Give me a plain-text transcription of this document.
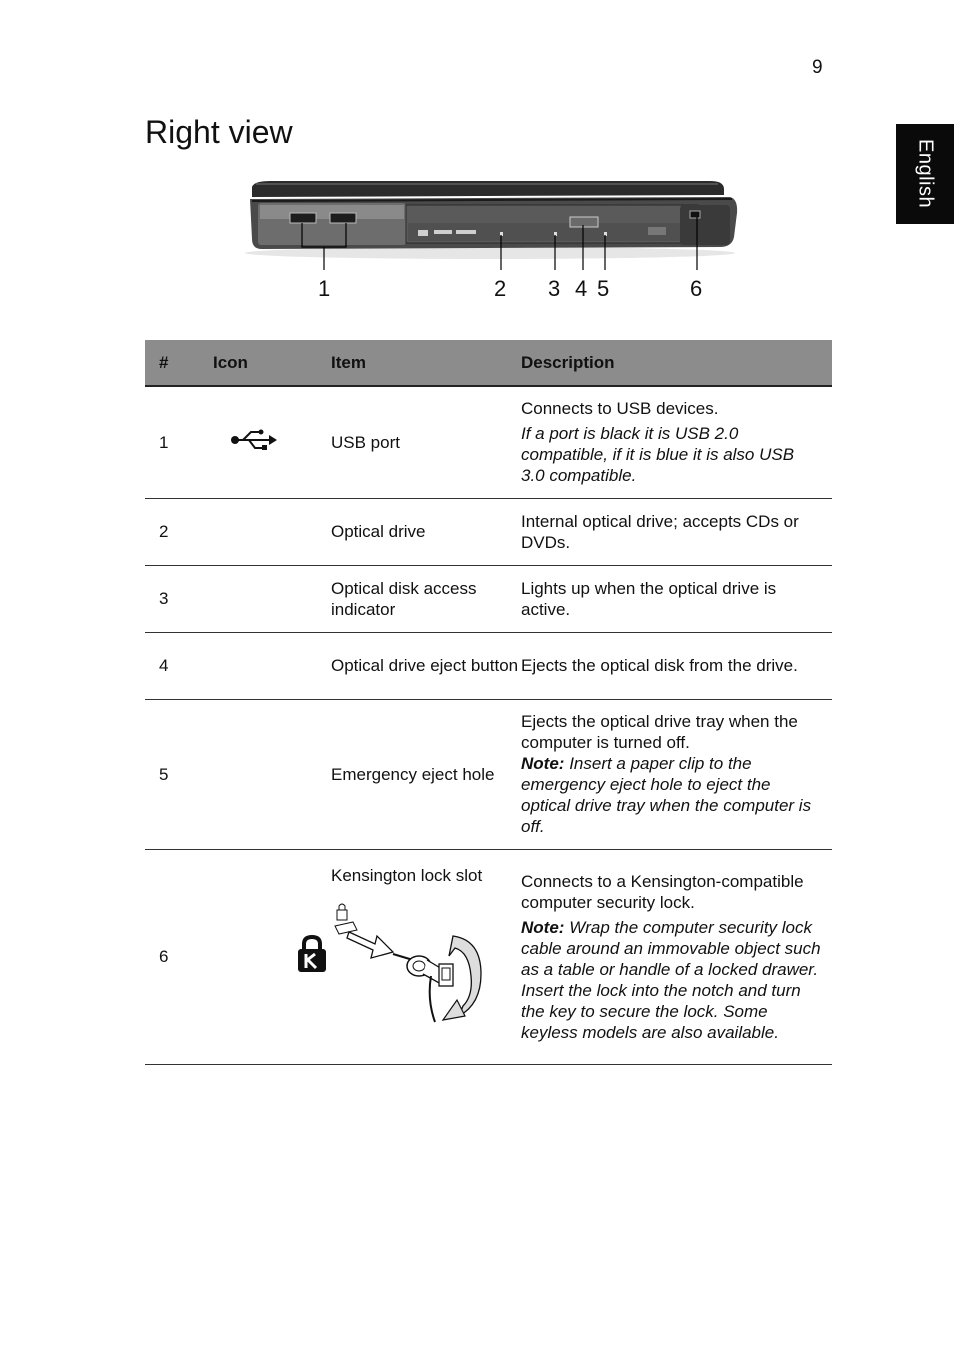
9
English
Right view
1	2 3 4 5	6
#	Icon	Item	Description
1		USB port	Connects to USB devices.

If a port is black it is USB 2.0 compatible, if it is blue it is also USB 3.0 compatible.

2		Optical drive	Internal optical drive; accepts CDs or DVDs.

3		Optical disk access indicator	Lights up when the optical drive is active.

4		Optical drive eject button	Ejects the optical disk from the drive.

5		Emergency eject hole	Ejects the optical drive tray when the computer is turned off.

Note: Insert a paper clip to the emergency eject hole to eject the optical drive tray when the computer is off.

6		Kensington lock slot	Connects to a Kensington-compatible computer security lock.

Note: Wrap the computer security lock cable around an immovable object such as a table or handle of a locked drawer. Insert the lock into the notch and turn the key to secure the lock. Some keyless models are also available.
